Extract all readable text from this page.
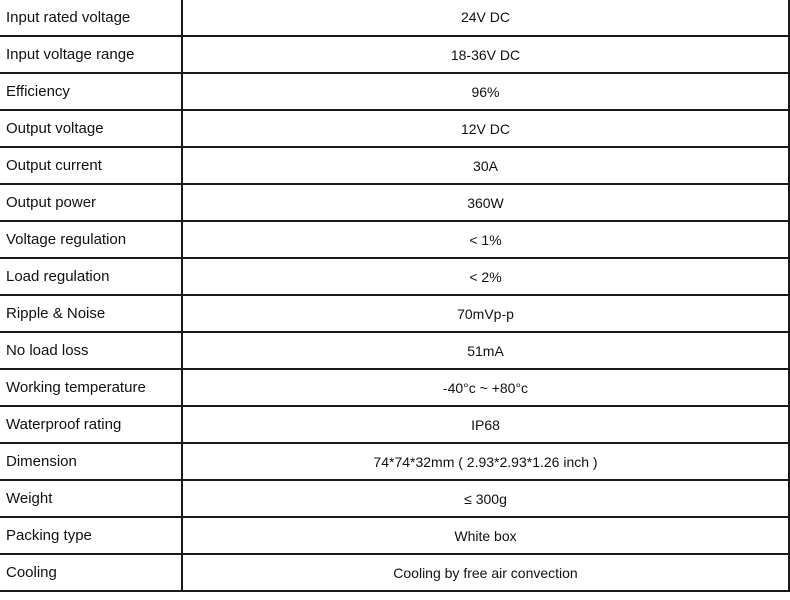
Input rated voltage	24V DC
Input voltage range	18-36V DC
Efficiency	96%
Output voltage	12V DC
Output current	30A
Output power	360W
Voltage regulation	< 1%
Load regulation	< 2%
Ripple & Noise	70mVp-p
No load loss	51mA
Working temperature	-40°c ~ +80°c
Waterproof rating	IP68
Dimension	74*74*32mm ( 2.93*2.93*1.26 inch )
Weight	≤ 300g
Packing type	White box
Cooling	Cooling by free air convection
